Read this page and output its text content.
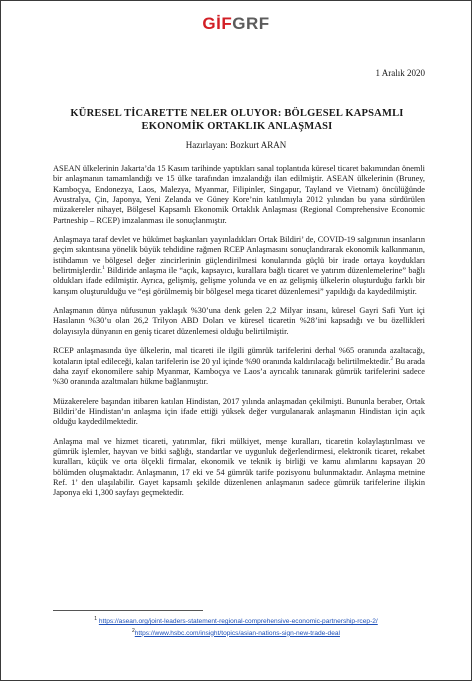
GİFGRF
1 Aralık 2020
KÜRESEL TİCARETTE NELER OLUYOR: BÖLGESEL KAPSAMLI EKONOMİK ORTAKLIK ANLAŞMASI
Hazırlayan: Bozkurt ARAN

ASEAN ülkelerinin Jakarta’da 15 Kasım tarihinde yaptıkları sanal toplantıda küresel ticaret bakımından önemli bir anlaşmanın tamamlandığı ve 15 ülke tarafından imzalandığı ilan edilmiştir. ASEAN ülkelerinin (Bruney, Kamboçya, Endonezya, Laos, Malezya, Myanmar, Filipinler, Singapur, Tayland ve Vietnam) öncülüğünde Avustralya, Çin, Japonya, Yeni Zelanda ve Güney Kore’nin katılımıyla 2012 yılından bu yana sürdürülen müzakereler nihayet, Bölgesel Kapsamlı Ekonomik Ortaklık Anlaşması (Regional Comprehensive Economic Partneship – RCEP) imzalanması ile sonuçlanmıştır.

Anlaşmaya taraf devlet ve hükümet başkanları yayınladıkları Ortak Bildiri’ de, COVID-19 salgınının insanların geçim sıkıntısına yönelik büyük tehdidine rağmen RCEP Anlaşmasını sonuçlandırarak ekonomik kalkınmanın, istihdamın ve bölgesel değer zincirlerinin güçlendirilmesi konularında güçlü bir irade ortaya koydukları belirtmişlerdir.$^1$ Bildiride anlaşma ile “açık, kapsayıcı, kurallara bağlı ticaret ve yatırım düzenlemelerine” bağlı oldukları ifade edilmiştir. Ayrıca, gelişmiş, gelişme yolunda ve en az gelişmiş ülkelerin oluşturduğu farklı bir karışım oluşturulduğu ve “eşi görülmemiş bir bölgesel mega ticaret düzenlemesi” yapıldığı da kaydedilmiştir.

Anlaşmanın dünya nüfusunun yaklaşık %30’una denk gelen 2,2 Milyar insanı, küresel Gayri Safi Yurt içi Hasılanın %30’u olan 26,2 Trilyon ABD Doları ve küresel ticaretin %28’ini kapsadığı ve bu özellikleri dolayısıyla dünyanın en geniş ticaret düzenlemesi olduğu belirtilmiştir.

RCEP anlaşmasında üye ülkelerin, mal ticareti ile ilgili gümrük tarifelerini derhal %65 oranında azaltacağı, kotaların iptal edileceği, kalan tarifelerin ise 20 yıl içinde %90 oranında kaldırılacağı belirtilmektedir.$^2$ Bu arada daha zayıf ekonomilere sahip Myanmar, Kamboçya ve Laos’a ayrıcalık tanınarak gümrük tarifelerini sadece %30 oranında azaltmaları hükme bağlanmıştır.

Müzakerelere başından itibaren katılan Hindistan, 2017 yılında anlaşmadan çekilmişti. Bununla beraber, Ortak Bildiri’de Hindistan’ın anlaşma için ifade ettiği yüksek değer vurgulanarak anlaşmanın Hindistan için açık olduğu kaydedilmektedir.

Anlaşma mal ve hizmet ticareti, yatırımlar, fikri mülkiyet, menşe kuralları, ticaretin kolaylaştırılması ve gümrük işlemler, hayvan ve bitki sağlığı, standartlar ve uygunluk değerlendirmesi, elektronik ticaret, rekabet kuralları, küçük ve orta ölçekli firmalar, ekonomik ve teknik iş birliği ve kamu alımlarını kapsayan 20 bölümden oluşmaktadır. Anlaşmanın, 17 eki ve 54 gümrük tarife pozisyonu bulunmaktadır. Anlaşma metnine Ref. 1’ den ulaşılabilir. Gayet kapsamlı şekilde düzenlenen anlaşmanın sadece gümrük tarifelerine ilişkin Japonya eki 1,300 sayfayı geçmektedir.

$^1$ https://asean.org/joint-leaders-statement-regional-comprehensive-economic-partnership-rcep-2/
$^2$https://www.hsbc.com/insight/topics/asian-nations-sign-new-trade-deal
